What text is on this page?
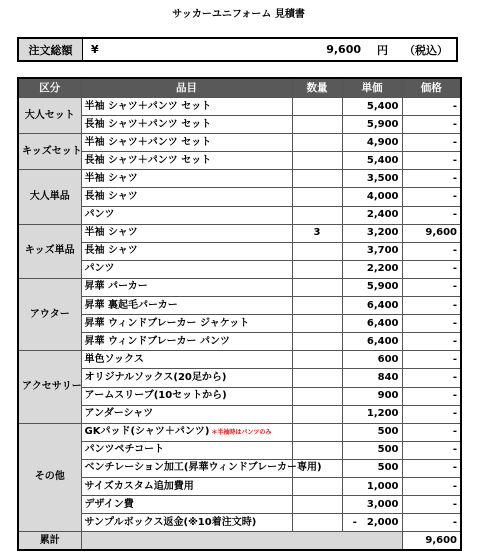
サッカーユニフォーム 見積書
注文総額	¥	9,600 円 （税込）
区分	品目	数量	単価	価格
大人セット	半袖 シャツ＋パンツ セット		5,400	-
	長袖 シャツ＋パンツ セット		5,900	-
キッズセット	半袖 シャツ＋パンツ セット		4,900	-
	長袖 シャツ＋パンツ セット		5,400	-
大人単品	半袖 シャツ		3,500	-
	長袖 シャツ		4,000	-
	パンツ		2,400	-
キッズ単品	半袖 シャツ	3	3,200	9,600
	長袖 シャツ		3,700	-
	パンツ		2,200	-
アウター	昇華 パーカー		5,900	-
	昇華 裏起毛パーカー		6,400	-
	昇華 ウィンドブレーカー ジャケット		6,400	-
	昇華 ウィンドブレーカー パンツ		6,400	-
アクセサリー	単色ソックス		600	-
	オリジナルソックス(20足から)		840	-
	アームスリーブ(10セットから)		900	-
	アンダーシャツ		1,200	-
その他	GKパッド(シャツ＋パンツ) ＊半袖時はパンツのみ		500	-
	パンツペチコート		500	-
	ベンチレーション加工(昇華ウィンドブレーカー専用)		500	-
	サイズカスタム追加費用		1,000	-
	デザイン費		3,000	-
	サンプルボックス返金(※10着注文時)		-　2,000	-
累計				9,600
